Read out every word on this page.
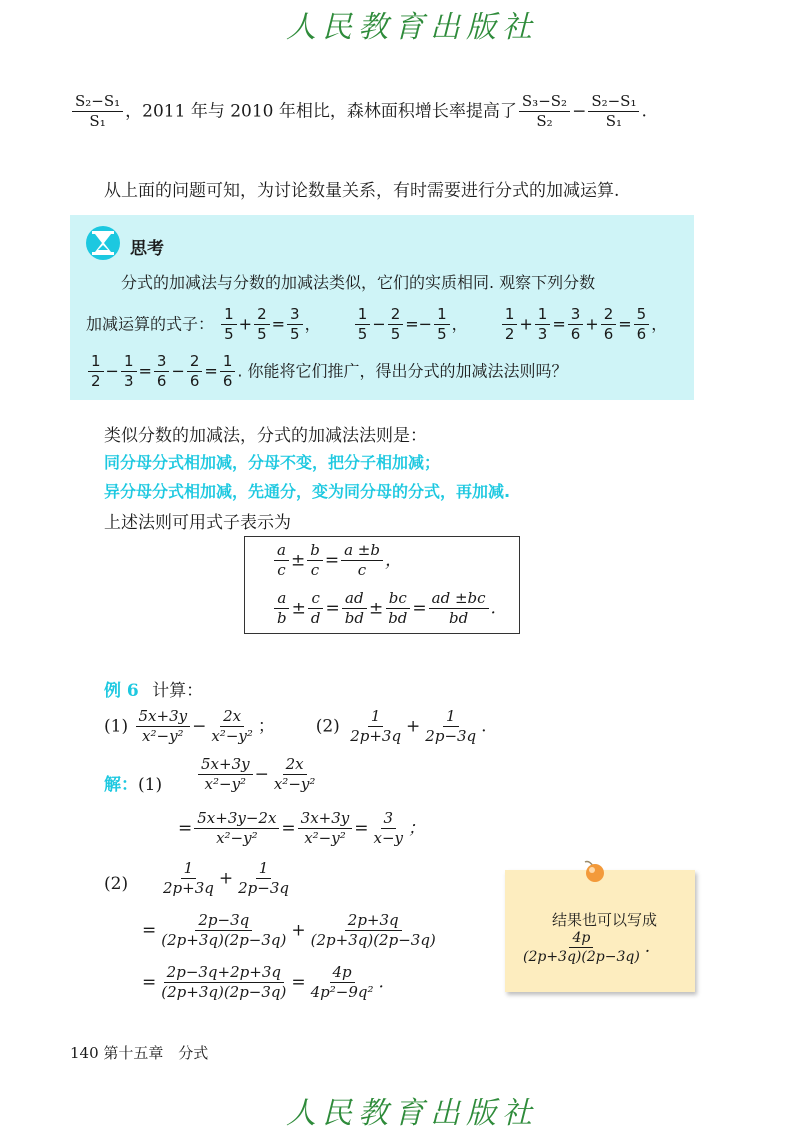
人民教育出版社
$\frac{\text{S₂−S₁}}{\text{S₁}}$ ，2011 年与 2010 年相比，森林面积增长率提高了 $\frac{\text{S₃−S₂}}{\text{S₂}} - \frac{\text{S₂−S₁}}{\text{S₁}}$ .
从上面的问题可知，为讨论数量关系，有时需要进行分式的加减运算.
思考
分式的加减法与分数的加减法类似，它们的实质相同. 观察下列分数
加减运算的式子： $\frac{1}{5} + \frac{2}{5} = \frac{3}{5}$ ， $\frac{1}{5} - \frac{2}{5} =- \frac{1}{5}$ ， $\frac{1}{2} + \frac{1}{3} = \frac{3}{6} + \frac{2}{6} = \frac{5}{6}$ ，
$\frac{1}{2} - \frac{1}{3} = \frac{3}{6} - \frac{2}{6} = \frac{1}{6}$ . 你能将它们推广，得出分式的加减法法则吗？
类似分数的加减法，分式的加减法法则是：
同分母分式相加减，分母不变，把分子相加减；
异分母分式相加减，先通分，变为同分母的分式，再加减.
上述法则可用式子表示为
$\frac{a}{c} \pm \frac{b}{c} = \frac{a \pm b}{c}$ ，
$\frac{a}{b} \pm \frac{c}{d} = \frac{ad}{bd} \pm \frac{bc}{bd} = \frac{ad \pm bc}{bd}$ .
例 6 计算：
$(1) \frac{5x+3y}{\text{x²−y²}} - \frac{2x}{\text{x²−y²}}$ ； $(2) \frac{1}{2p+3q} + \frac{1}{2p-3q}$ .
解：$(1) \frac{5x+3y}{\text{x²−y²}} - \frac{2x}{\text{x²−y²}}$
= $\frac{5x+3y-2x}{\text{x²−y²}} = \frac{3x+3y}{\text{x²−y²}} = \frac{3}{x-y}$ ；
$(2) \frac{1}{2p+3q} + \frac{1}{2p-3q}$
= $\frac{2p-3q}{(2p+3q)(2p-3q)} + \frac{2p+3q}{(2p+3q)(2p-3q)}$
= $\frac{2p-3q+2p+3q}{(2p+3q)(2p-3q)} = \frac{4p}{\text{4p²−9q²}}$ .
结果也可以写成
$\frac{4p}{(2p+3q)(2p-3q)}$ .
140 第十五章 分式
人民教育出版社
